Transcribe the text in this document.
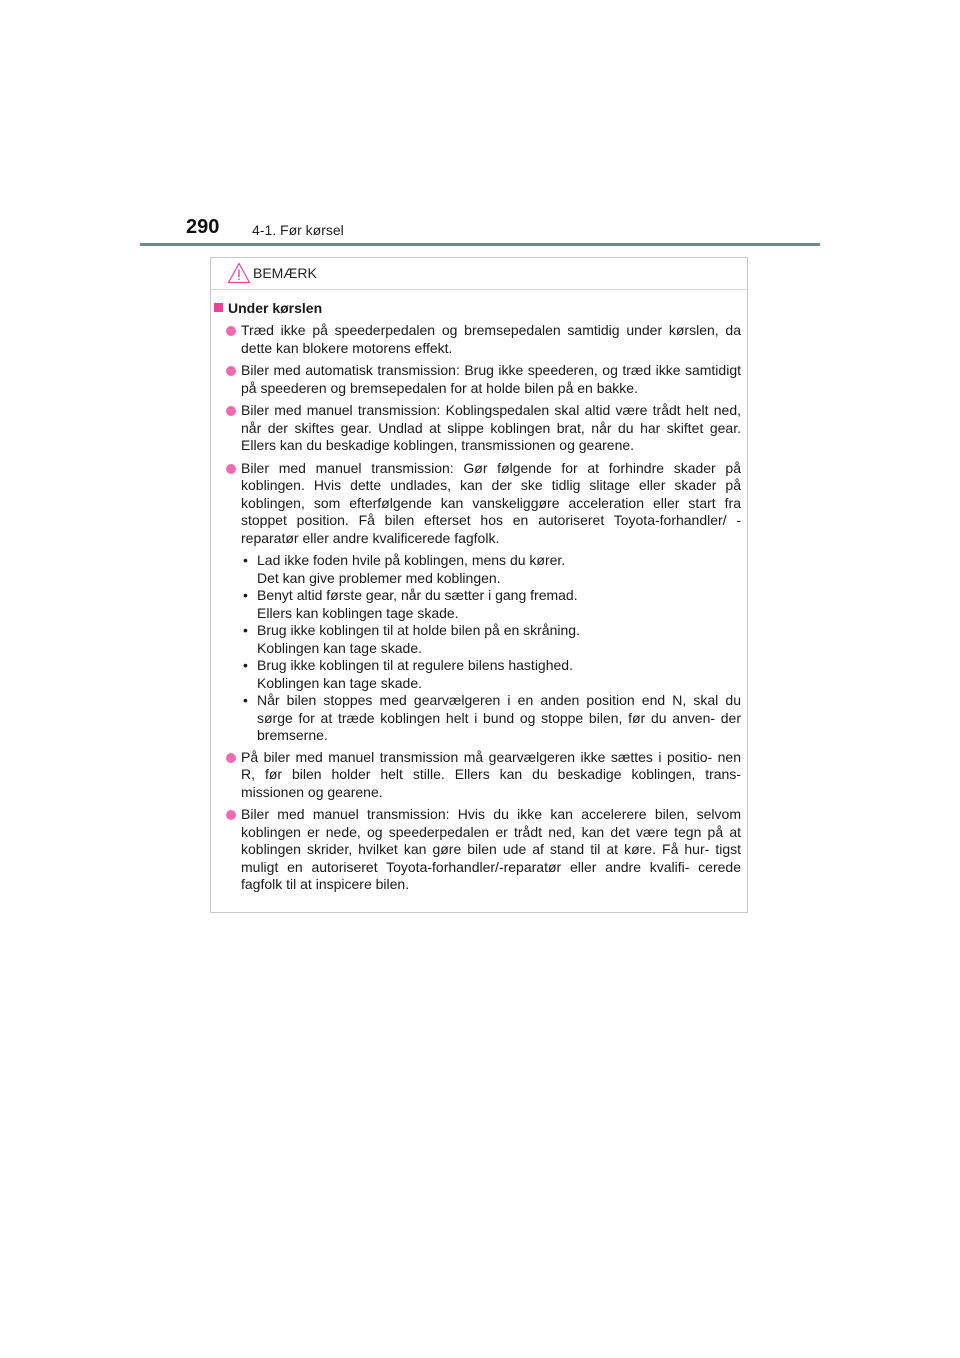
290 4-1. Før kørsel
BEMÆRK
Under kørslen
Træd ikke på speederpedalen og bremsepedalen samtidig under kørslen, da dette kan blokere motorens effekt.
Biler med automatisk transmission: Brug ikke speederen, og træd ikke samtidigt på speederen og bremsepedalen for at holde bilen på en bakke.
Biler med manuel transmission: Koblingspedalen skal altid være trådt helt ned, når der skiftes gear. Undlad at slippe koblingen brat, når du har skiftet gear. Ellers kan du beskadige koblingen, transmissionen og gearene.
Biler med manuel transmission: Gør følgende for at forhindre skader på koblingen. Hvis dette undlades, kan der ske tidlig slitage eller skader på koblingen, som efterfølgende kan vanskeliggøre acceleration eller start fra stoppet position. Få bilen efterset hos en autoriseret Toyota-forhandler/ -reparatør eller andre kvalificerede fagfolk.
• Lad ikke foden hvile på koblingen, mens du kører.
Det kan give problemer med koblingen.
• Benyt altid første gear, når du sætter i gang fremad.
Ellers kan koblingen tage skade.
• Brug ikke koblingen til at holde bilen på en skråning.
Koblingen kan tage skade.
• Brug ikke koblingen til at regulere bilens hastighed.
Koblingen kan tage skade.
• Når bilen stoppes med gearvælgeren i en anden position end N, skal du sørge for at træde koblingen helt i bund og stoppe bilen, før du anven- der bremserne.
På biler med manuel transmission må gearvælgeren ikke sættes i positio- nen R, før bilen holder helt stille. Ellers kan du beskadige koblingen, trans- missionen og gearene.
Biler med manuel transmission: Hvis du ikke kan accelerere bilen, selvom koblingen er nede, og speederpedalen er trådt ned, kan det være tegn på at koblingen skrider, hvilket kan gøre bilen ude af stand til at køre. Få hur- tigst muligt en autoriseret Toyota-forhandler/-reparatør eller andre kvalifi- cerede fagfolk til at inspicere bilen.
